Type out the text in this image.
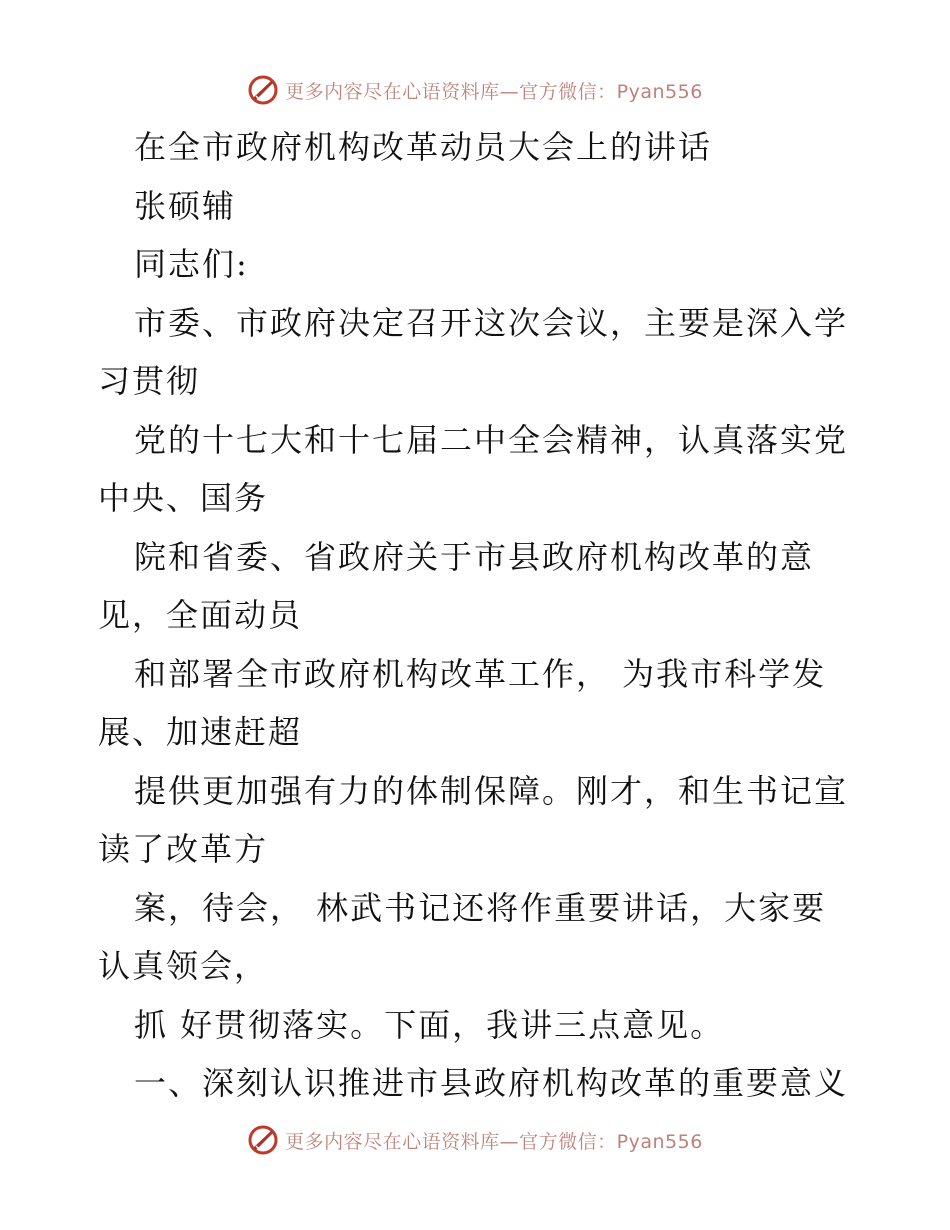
更多内容尽在心语资料库—官方微信：Pyan556
在全市政府机构改革动员大会上的讲话
张硕辅
同志们:
市委、市政府决定召开这次会议，主要是深入学
习贯彻
党的十七大和十七届二中全会精神，认真落实党
中央、国务
院和省委、省政府关于市县政府机构改革的意
见，全面动员
和部署全市政府机构改革工作， 为我市科学发
展、加速赶超
提供更加强有力的体制保障。刚才，和生书记宣
读了改革方
案，待会， 林武书记还将作重要讲话，大家要
认真领会，
抓 好贯彻落实。下面，我讲三点意见。
一、深刻认识推进市县政府机构改革的重要意义
更多内容尽在心语资料库—官方微信：Pyan556
